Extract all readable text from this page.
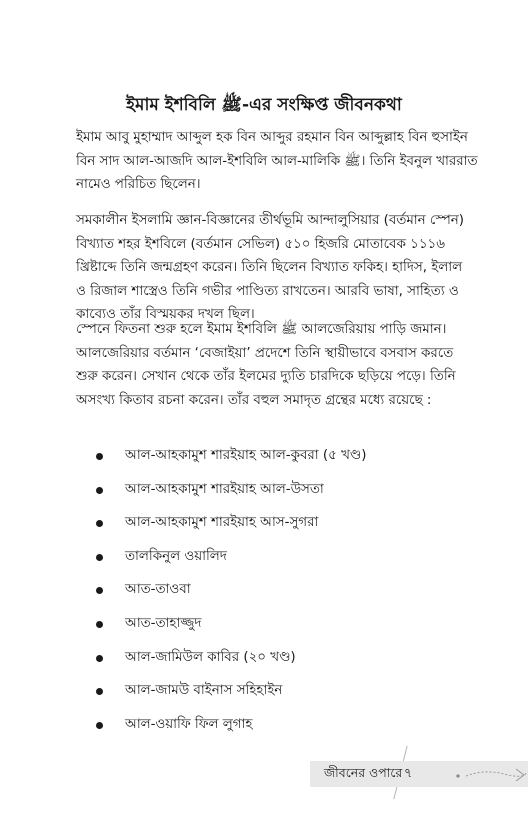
ইমাম ইশবিলি ﷺ-এর সংক্ষিপ্ত জীবনকথা
ইমাম আবু মুহাম্মাদ আব্দুল হক বিন আব্দুর রহমান বিন আব্দুল্লাহ বিন হুসাইন
বিন সাদ আল-আজদি আল-ইশবিলি আল-মালিকি ﷺ। তিনি ইবনুল খাররাত
নামেও পরিচিত ছিলেন।
সমকালীন ইসলামি জ্ঞান-বিজ্ঞানের তীর্থভূমি আন্দালুসিয়ার (বর্তমান স্পেন)
বিখ্যাত শহর ইশবিলে (বর্তমান সেভিল) ৫১০ হিজরি মোতাবেক ১১১৬
খ্রিষ্টাব্দে তিনি জন্মগ্রহণ করেন। তিনি ছিলেন বিখ্যাত ফকিহ। হাদিস, ইলাল
ও রিজাল শাস্ত্রেও তিনি গভীর পাণ্ডিত্য রাখতেন। আরবি ভাষা, সাহিত্য ও
কাব্যেও তাঁর বিস্ময়কর দখল ছিল।
স্পেনে ফিতনা শুরু হলে ইমাম ইশবিলি ﷺ আলজেরিয়ায় পাড়ি জমান।
আলজেরিয়ার বর্তমান ‘বেজাইয়া’ প্রদেশে তিনি স্থায়ীভাবে বসবাস করতে
শুরু করেন। সেখান থেকে তাঁর ইলমের দ্যুতি চারদিকে ছড়িয়ে পড়ে। তিনি
অসংখ্য কিতাব রচনা করেন। তাঁর বহুল সমাদৃত গ্রন্থের মধ্যে রয়েছে :
আল-আহকামুশ শারইয়াহ আল-কুবরা (৫ খণ্ড)
আল-আহকামুশ শারইয়াহ আল-উসতা
আল-আহকামুশ শারইয়াহ আস-সুগরা
তালকিনুল ওয়ালিদ
আত-তাওবা
আত-তাহাজ্জুদ
আল-জামিউল কাবির (২০ খণ্ড)
আল-জামউ বাইনাস সহিহাইন
আল-ওয়াফি ফিল লুগাহ
জীবনের ওপারে ৭
